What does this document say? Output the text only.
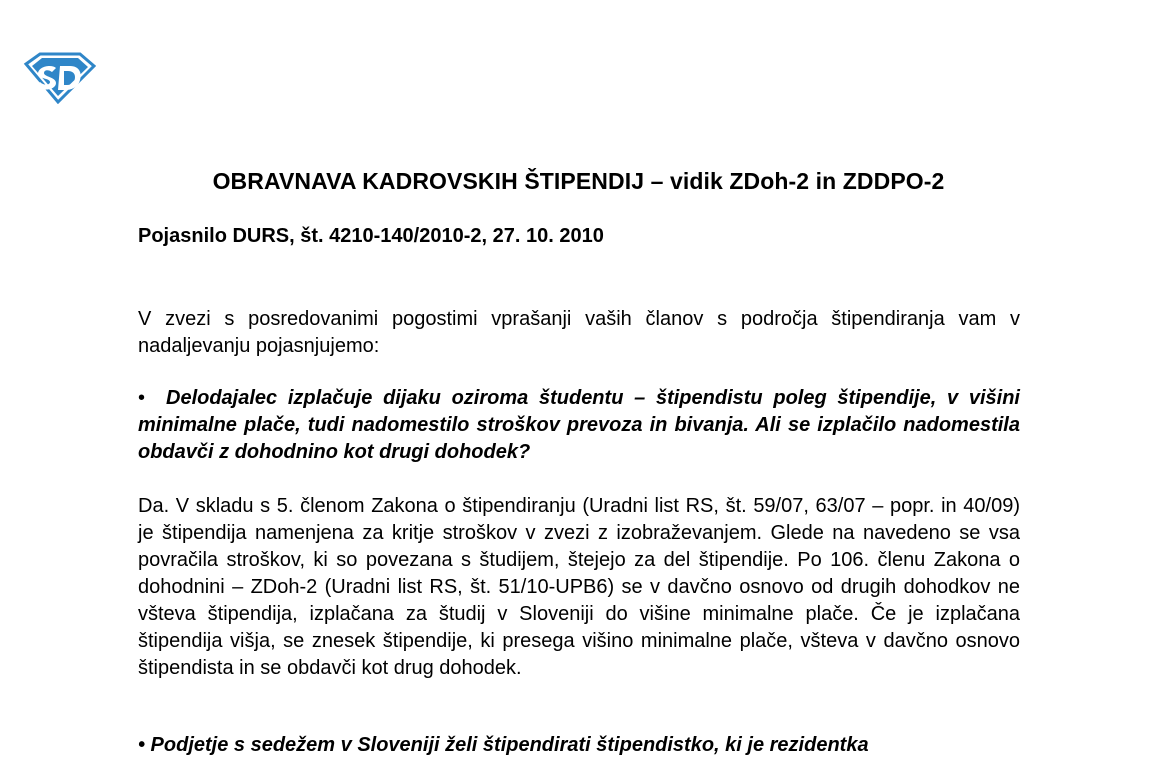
OBRAVNAVA KADROVSKIH ŠTIPENDIJ – vidik ZDoh-2 in ZDDPO-2
Pojasnilo DURS, št. 4210-140/2010-2, 27. 10. 2010
V zvezi s posredovanimi pogostimi vprašanji vaših članov s področja štipendiranja vam v nadaljevanju pojasnjujemo:
• Delodajalec izplačuje dijaku oziroma študentu – štipendistu poleg štipendije, v višini minimalne plače, tudi nadomestilo stroškov prevoza in bivanja. Ali se izplačilo nadomestila obdavči z dohodnino kot drugi dohodek?
Da. V skladu s 5. členom Zakona o štipendiranju (Uradni list RS, št. 59/07, 63/07 – popr. in 40/09) je štipendija namenjena za kritje stroškov v zvezi z izobraževanjem. Glede na navedeno se vsa povračila stroškov, ki so povezana s študijem, štejejo za del štipendije. Po 106. členu Zakona o dohodnini – ZDoh-2 (Uradni list RS, št. 51/10-UPB6) se v davčno osnovo od drugih dohodkov ne všteva štipendija, izplačana za študij v Sloveniji do višine minimalne plače. Če je izplačana štipendija višja, se znesek štipendije, ki presega višino minimalne plače, všteva v davčno osnovo štipendista in se obdavči kot drug dohodek.
• Podjetje s sedežem v Sloveniji želi štipendirati štipendistko, ki je rezidentka
